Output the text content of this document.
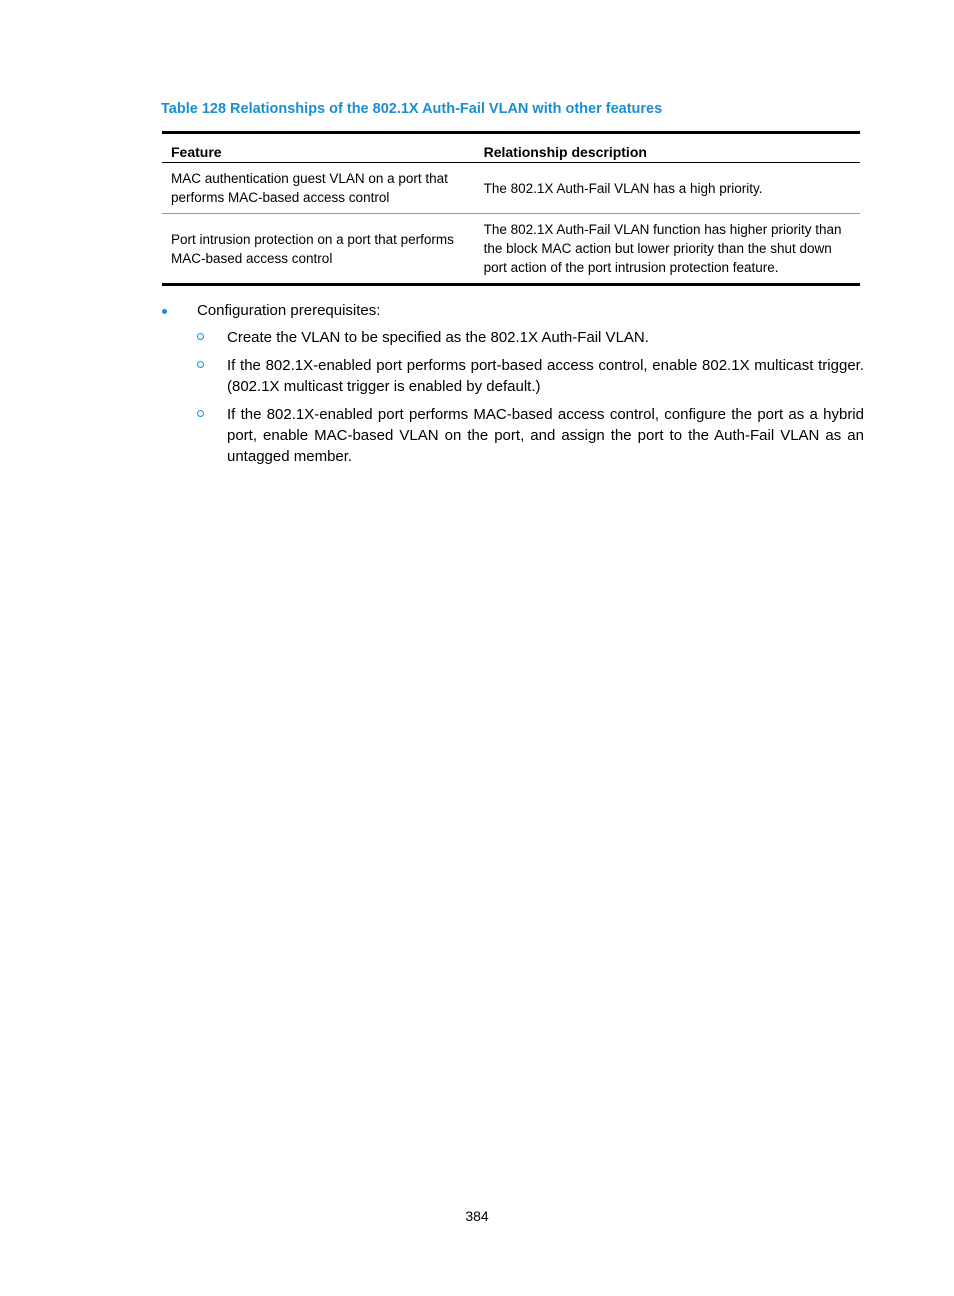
Table 128 Relationships of the 802.1X Auth-Fail VLAN with other features
Feature	Relationship description
MAC authentication guest VLAN on a port that performs MAC-based access control	The 802.1X Auth-Fail VLAN has a high priority.
Port intrusion protection on a port that performs MAC-based access control	The 802.1X Auth-Fail VLAN function has higher priority than the block MAC action but lower priority than the shut down port action of the port intrusion protection feature.
Configuration prerequisites:
Create the VLAN to be specified as the 802.1X Auth-Fail VLAN.
If the 802.1X-enabled port performs port-based access control, enable 802.1X multicast trigger. (802.1X multicast trigger is enabled by default.)
If the 802.1X-enabled port performs MAC-based access control, configure the port as a hybrid port, enable MAC-based VLAN on the port, and assign the port to the Auth-Fail VLAN as an untagged member.
384
